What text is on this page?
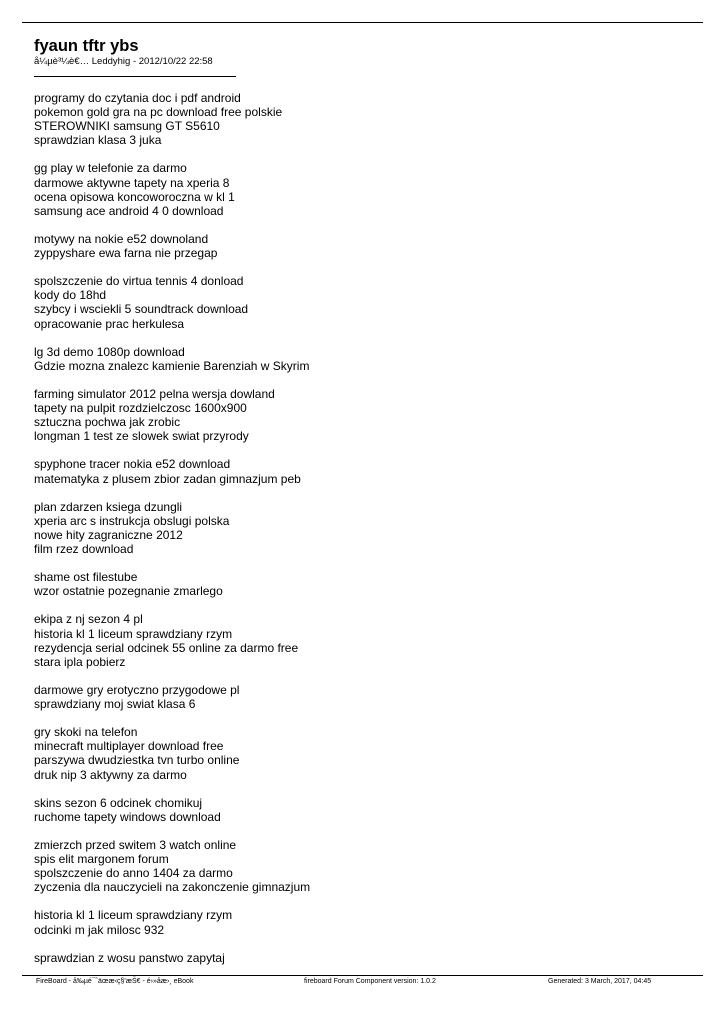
fyaun tftr ybs

å¼µè³¼è€… Leddyhig - 2012/10/22 22:58

programy do czytania doc i pdf android
pokemon gold gra na pc download free polskie
STEROWNIKI samsung GT S5610
sprawdzian klasa 3 juka
gg play w telefonie za darmo
darmowe aktywne tapety na xperia 8
ocena opisowa koncoworoczna w kl 1
samsung ace android 4 0 download
motywy na nokie e52 downoland
zyppyshare ewa farna nie przegap
spolszczenie do virtua tennis 4 donload
kody do 18hd
szybcy i wsciekli 5 soundtrack download
opracowanie prac herkulesa
lg 3d demo 1080p download
Gdzie mozna znalezc kamienie Barenziah w Skyrim
farming simulator 2012 pelna wersja dowland
tapety na pulpit rozdzielczosc 1600x900
sztuczna pochwa jak zrobic
longman 1 test ze slowek swiat przyrody
spyphone tracer nokia e52 download
matematyka z plusem zbior zadan gimnazjum peb
plan zdarzen ksiega dzungli
xperia arc s instrukcja obslugi polska
nowe hity zagraniczne 2012
film rzez download
shame ost filestube
wzor ostatnie pozegnanie zmarlego
ekipa z nj sezon 4 pl
historia kl 1 liceum sprawdziany rzym
rezydencja serial odcinek 55 online za darmo free
stara ipla pobierz
darmowe gry erotyczno przygodowe pl
sprawdziany moj swiat klasa 6
gry skoki na telefon
minecraft multiplayer download free
parszywa dwudziestka tvn turbo online
druk nip 3 aktywny za darmo
skins sezon 6 odcinek chomikuj
ruchome tapety windows download
zmierzch przed switem 3 watch online
spis elit margonem forum
spolszczenie do anno 1404 za darmo
zyczenia dla nauczycieli na zakonczenie gimnazjum
historia kl 1 liceum sprawdziany rzym
odcinki m jak milosc 932
sprawdzian z wosu panstwo zapytaj
FireBoard - å‰µé¯ˆäœæ‹ç§'æŠ€ - é›»åæ›¸ eBook	fireboard Forum Component version: 1.0.2	Generated: 3 March, 2017, 04:45
